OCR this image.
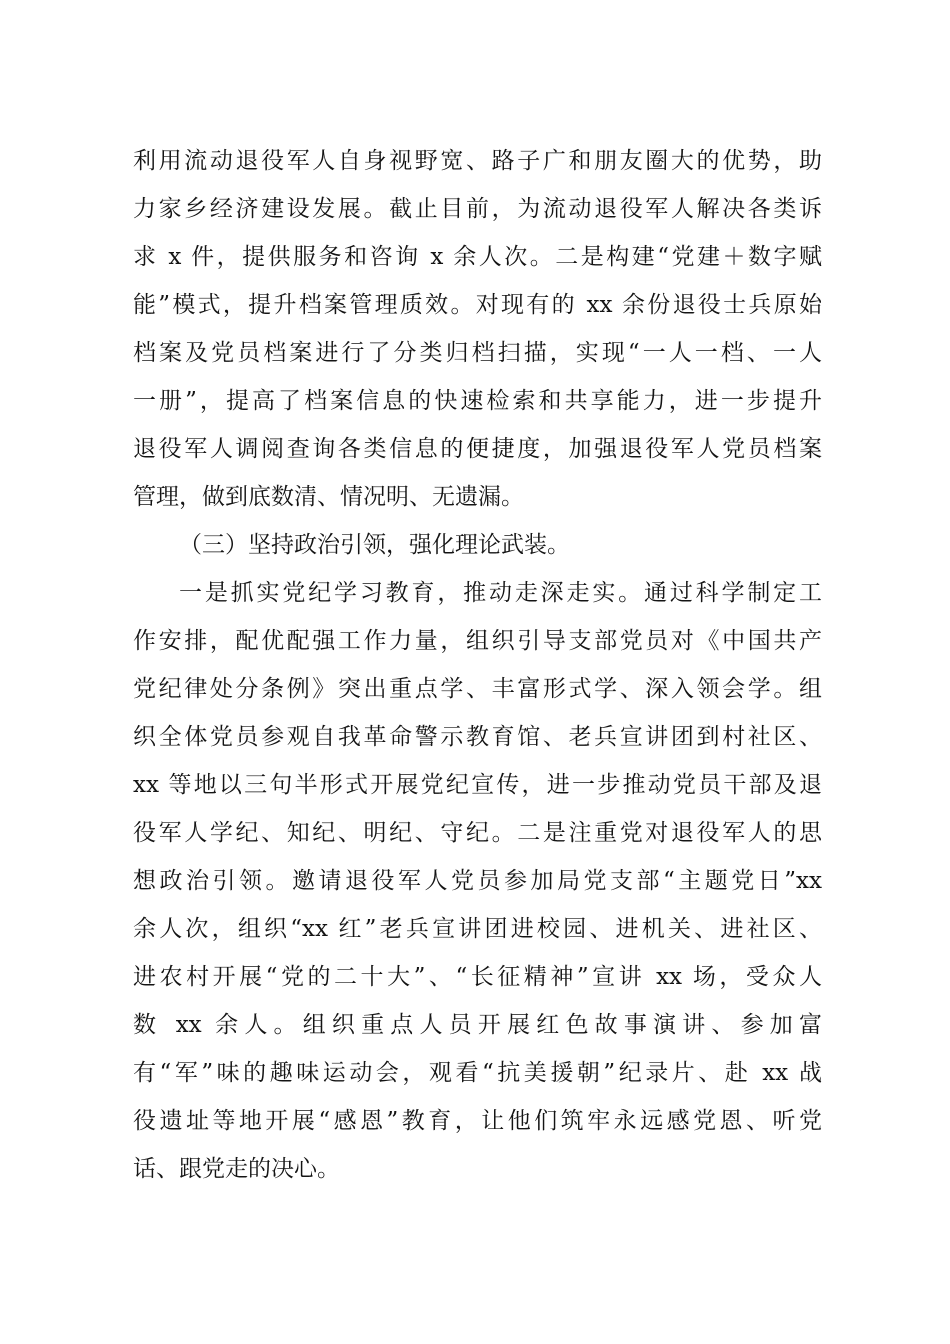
利用流动退役军人自身视野宽、路子广和朋友圈大的优势，助
力家乡经济建设发展。截止目前，为流动退役军人解决各类诉
求 x 件，提供服务和咨询 x 余人次。二是构建“党建＋数字赋
能”模式，提升档案管理质效。对现有的 xx 余份退役士兵原始
档案及党员档案进行了分类归档扫描，实现“一人一档、一人
一册”，提高了档案信息的快速检索和共享能力，进一步提升
退役军人调阅查询各类信息的便捷度，加强退役军人党员档案
管理，做到底数清、情况明、无遗漏。
（三）坚持政治引领，强化理论武装。
一是抓实党纪学习教育，推动走深走实。通过科学制定工
作安排，配优配强工作力量，组织引导支部党员对《中国共产
党纪律处分条例》突出重点学、丰富形式学、深入领会学。组
织全体党员参观自我革命警示教育馆、老兵宣讲团到村社区、
xx 等地以三句半形式开展党纪宣传，进一步推动党员干部及退
役军人学纪、知纪、明纪、守纪。二是注重党对退役军人的思
想政治引领。邀请退役军人党员参加局党支部“主题党日”xx
余人次，组织“xx 红”老兵宣讲团进校园、进机关、进社区、
进农村开展“党的二十大”、“长征精神”宣讲 xx 场，受众人
数 xx 余人。组织重点人员开展红色故事演讲、参加富
有“军”味的趣味运动会，观看“抗美援朝”纪录片、赴 xx 战
役遗址等地开展“感恩”教育，让他们筑牢永远感党恩、听党
话、跟党走的决心。
